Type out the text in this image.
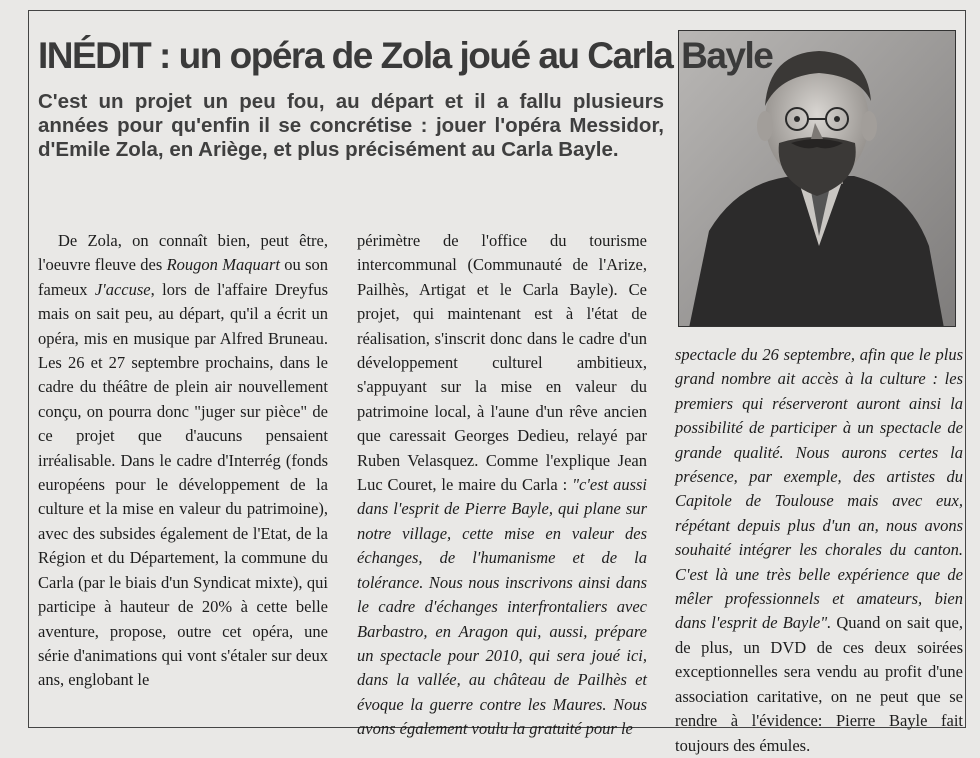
INÉDIT : un opéra de Zola joué au Carla Bayle

C'est un projet un peu fou, au départ et il a fallu plusieurs années pour qu'enfin il se concrétise : jouer l'opéra Messidor, d'Emile Zola, en Ariège, et plus précisément au Carla Bayle.

De Zola, on connaît bien, peut être, l'oeuvre fleuve des Rougon Maquart ou son fameux J'accuse, lors de l'affaire Dreyfus mais on sait peu, au départ, qu'il a écrit un opéra, mis en musique par Alfred Bruneau. Les 26 et 27 septembre prochains, dans le cadre du théâtre de plein air nouvellement conçu, on pourra donc "juger sur pièce" de ce projet que d'aucuns pensaient irréalisable. Dans le cadre d'Interrég (fonds européens pour le développement de la culture et la mise en valeur du patrimoine), avec des subsides également de l'Etat, de la Région et du Département, la commune du Carla (par le biais d'un Syndicat mixte), qui participe à hauteur de 20% à cette belle aventure, propose, outre cet opéra, une série d'animations qui vont s'étaler sur deux ans, englobant le

périmètre de l'office du tourisme intercommunal (Communauté de l'Arize, Pailhès, Artigat et le Carla Bayle). Ce projet, qui maintenant est à l'état de réalisation, s'inscrit donc dans le cadre d'un développement culturel ambitieux, s'appuyant sur la mise en valeur du patrimoine local, à l'aune d'un rêve ancien que caressait Georges Dedieu, relayé par Ruben Velasquez. Comme l'explique Jean Luc Couret, le maire du Carla : "c'est aussi dans l'esprit de Pierre Bayle, qui plane sur notre village, cette mise en valeur des échanges, de l'humanisme et de la tolérance. Nous nous inscrivons ainsi dans le cadre d'échanges interfrontaliers avec Barbastro, en Aragon qui, aussi, prépare un spectacle pour 2010, qui sera joué ici, dans la vallée, au château de Pailhès et évoque la guerre contre les Maures. Nous avons également voulu la gratuité pour le

spectacle du 26 septembre, afin que le plus grand nombre ait accès à la culture : les premiers qui réserveront auront ainsi la possibilité de participer à un spectacle de grande qualité. Nous aurons certes la présence, par exemple, des artistes du Capitole de Toulouse mais avec eux, répétant depuis plus d'un an, nous avons souhaité intégrer les chorales du canton. C'est là une très belle expérience que de mêler professionnels et amateurs, bien dans l'esprit de Bayle". Quand on sait que, de plus, un DVD de ces deux soirées exceptionnelles sera vendu au profit d'une association caritative, on ne peut que se rendre à l'évidence: Pierre Bayle fait toujours des émules.
